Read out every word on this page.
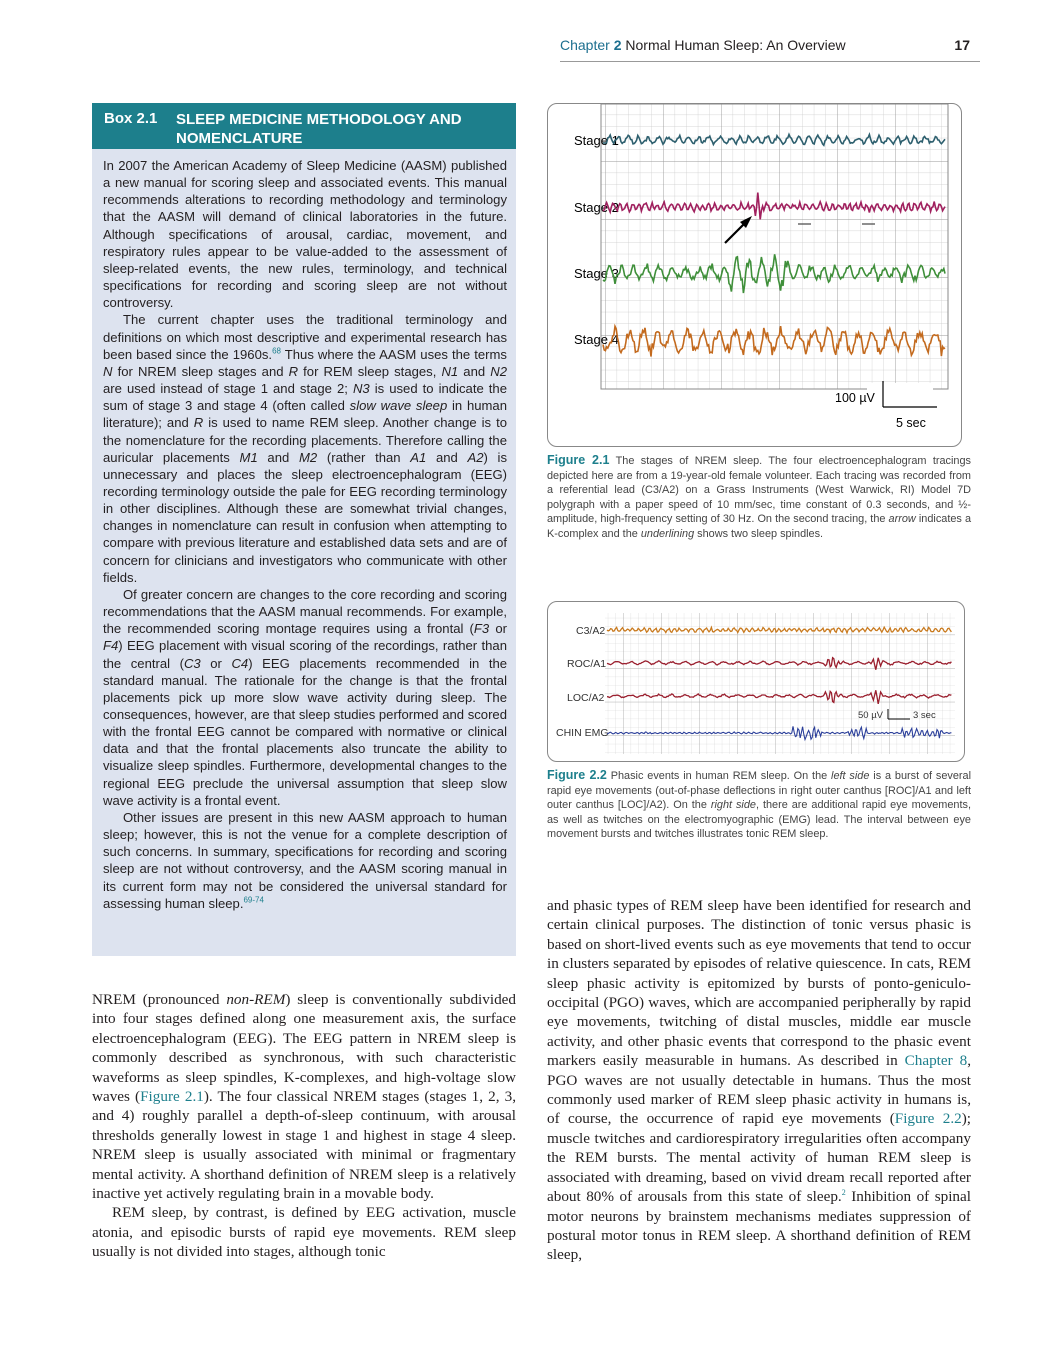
Chapter 2 Normal Human Sleep: An Overview	17
Box 2.1 SLEEP MEDICINE METHODOLOGY AND
NOMENCLATURE

In 2007 the American Academy of Sleep Medicine (AASM) published a new manual for scoring sleep and associated events. This manual recommends alterations to recording methodology and terminology that the AASM will demand of clinical laboratories in the future. Although specifications of arousal, cardiac, movement, and respiratory rules appear to be value-added to the assessment of sleep-related events, the new rules, terminology, and technical specifications for recording and scoring sleep are not without controversy.

The current chapter uses the traditional terminology and definitions on which most descriptive and experimental research has been based since the 1960s.$^{68}$ Thus where the AASM uses the terms N for NREM sleep stages and R for REM sleep stages, N1 and N2 are used instead of stage 1 and stage 2; N3 is used to indicate the sum of stage 3 and stage 4 (often called slow wave sleep in human literature); and R is used to name REM sleep. Another change is to the nomenclature for the recording placements. Therefore calling the auricular placements M1 and M2 (rather than A1 and A2) is unnecessary and places the sleep electroencephalogram (EEG) recording terminology outside the pale for EEG recording terminology in other disciplines. Although these are somewhat trivial changes, changes in nomenclature can result in confusion when attempting to compare with previous literature and established data sets and are of concern for clinicians and investigators who communicate with other fields.

Of greater concern are changes to the core recording and scoring recommendations that the AASM manual recommends. For example, the recommended scoring montage requires using a frontal (F3 or F4) EEG placement with visual scoring of the recordings, rather than the central (C3 or C4) EEG placements recommended in the standard manual. The rationale for the change is that the frontal placements pick up more slow wave activity during sleep. The consequences, however, are that sleep studies performed and scored with the frontal EEG cannot be compared with normative or clinical data and that the frontal placements also truncate the ability to visualize sleep spindles. Furthermore, developmental changes to the regional EEG preclude the universal assumption that sleep slow wave activity is a frontal event.

Other issues are present in this new AASM approach to human sleep; however, this is not the venue for a complete description of such concerns. In summary, specifications for recording and scoring sleep are not without controversy, and the AASM scoring manual in its current form may not be considered the universal standard for assessing human sleep.$^{69-74}$

Stage 1
Stage 2
Stage 3
Stage 4
100 µV
5 sec
Figure 2.1 The stages of NREM sleep. The four electroencephalogram tracings depicted here are from a 19-year-old female volunteer. Each tracing was recorded from a referential lead (C3/A2) on a Grass Instruments (West Warwick, RI) Model 7D polygraph with a paper speed of 10 mm/sec, time constant of 0.3 seconds, and ½-amplitude, high-frequency setting of 30 Hz. On the second tracing, the arrow indicates a K-complex and the underlining shows two sleep spindles.
C3/A2
ROC/A1
LOC/A2
CHIN EMG
50 µV	3 sec
Figure 2.2 Phasic events in human REM sleep. On the left side is a burst of several rapid eye movements (out-of-phase deflections in right outer canthus [ROC]/A1 and left outer canthus [LOC]/A2). On the right side, there are additional rapid eye movements, as well as twitches on the electromyographic (EMG) lead. The interval between eye movement bursts and twitches illustrates tonic REM sleep.

NREM (pronounced non-REM) sleep is conventionally subdivided into four stages defined along one measurement axis, the surface electroencephalogram (EEG). The EEG pattern in NREM sleep is commonly described as synchronous, with such characteristic waveforms as sleep spindles, K-complexes, and high-voltage slow waves (Figure 2.1). The four classical NREM stages (stages 1, 2, 3, and 4) roughly parallel a depth-of-sleep continuum, with arousal thresholds generally lowest in stage 1 and highest in stage 4 sleep. NREM sleep is usually associated with minimal or fragmentary mental activity. A shorthand definition of NREM sleep is a relatively inactive yet actively regulating brain in a movable body.

REM sleep, by contrast, is defined by EEG activation, muscle atonia, and episodic bursts of rapid eye movements. REM sleep usually is not divided into stages, although tonic

and phasic types of REM sleep have been identified for research and certain clinical purposes. The distinction of tonic versus phasic is based on short-lived events such as eye movements that tend to occur in clusters separated by episodes of relative quiescence. In cats, REM sleep phasic activity is epitomized by bursts of ponto-geniculo-occipital (PGO) waves, which are accompanied peripherally by rapid eye movements, twitching of distal muscles, middle ear muscle activity, and other phasic events that correspond to the phasic event markers easily measurable in humans. As described in Chapter 8, PGO waves are not usually detectable in humans. Thus the most commonly used marker of REM sleep phasic activity in humans is, of course, the occurrence of rapid eye movements (Figure 2.2); muscle twitches and cardiorespiratory irregularities often accompany the REM bursts. The mental activity of human REM sleep is associated with dreaming, based on vivid dream recall reported after about 80% of arousals from this state of sleep.$^2$ Inhibition of spinal motor neurons by brainstem mechanisms mediates suppression of postural motor tonus in REM sleep. A shorthand definition of REM sleep,
